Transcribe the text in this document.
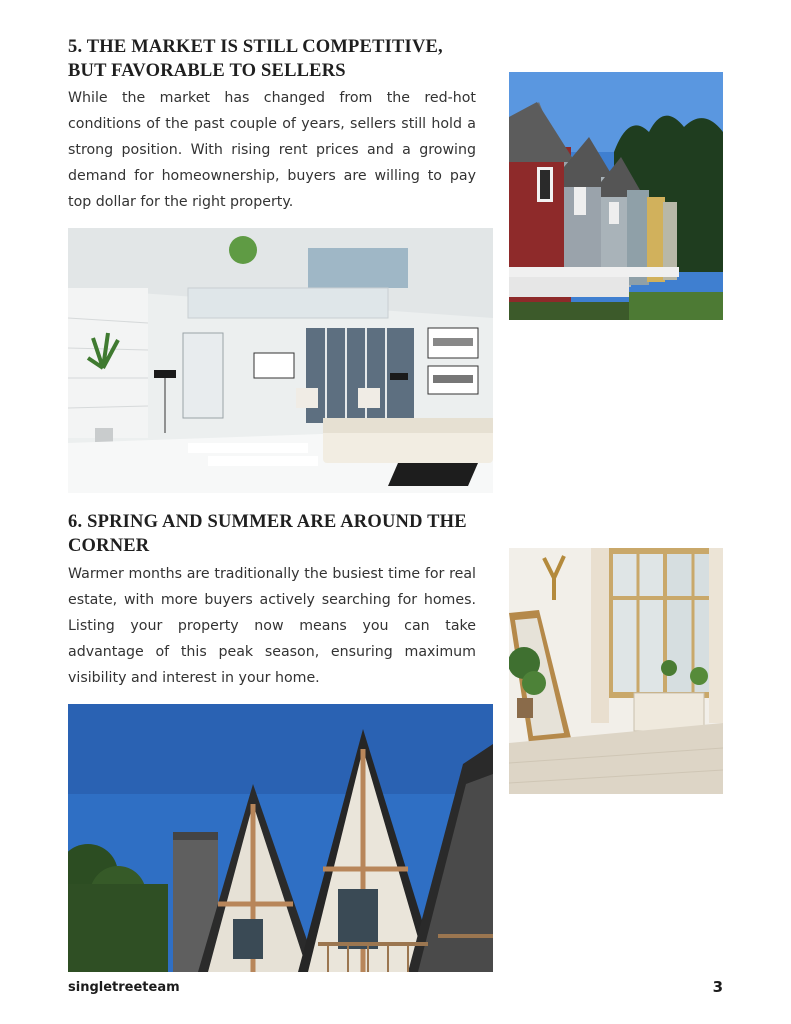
5. THE MARKET IS STILL COMPETITIVE,
BUT FAVORABLE TO SELLERS

While the market has changed from the red-hot conditions of the past couple of years, sellers still hold a strong position. With rising rent prices and a growing demand for homeownership, buyers are willing to pay top dollar for the right property.

6. SPRING AND SUMMER ARE AROUND THE
CORNER

Warmer months are traditionally the busiest time for real estate, with more buyers actively searching for homes. Listing your property now means you can take advantage of this peak season, ensuring maximum visibility and interest in your home.

singletreeteam	3
